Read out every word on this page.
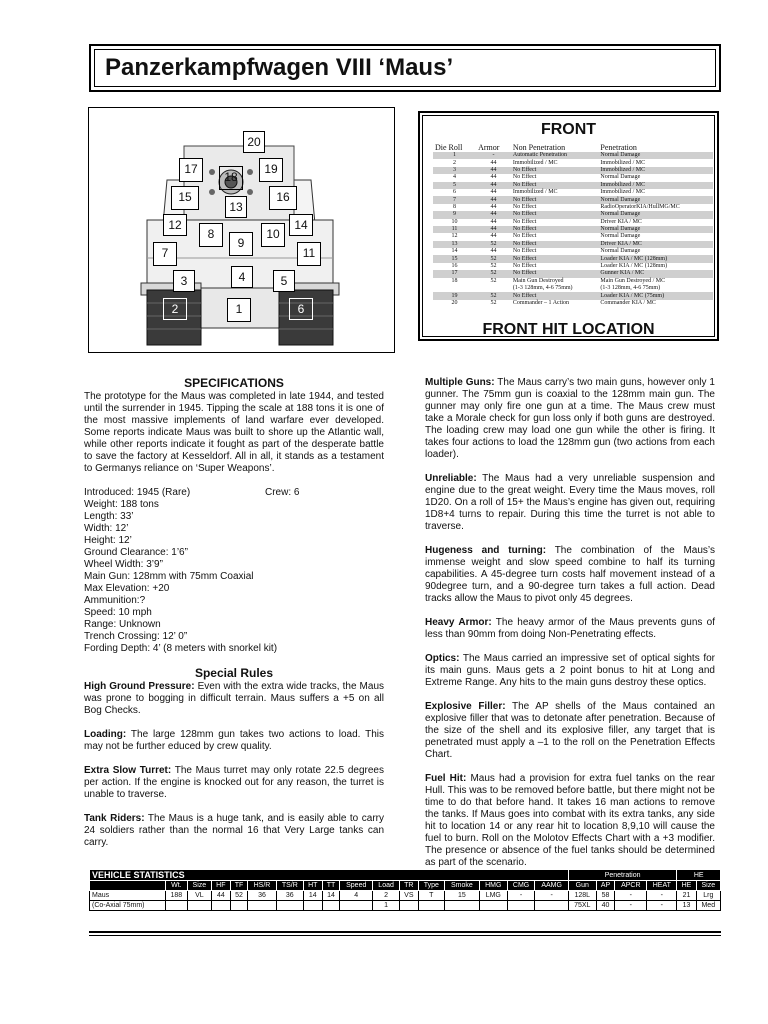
Panzerkampfwagen VIII ‘Maus’
20
17
18
19
15
13
16
12	14
8
9
10
7	11
3	4	5
2	1	6
FRONT
Die Roll	Armor	Non Penetration	Penetration
1	-	Automatic Penetration	Normal Damage
2	44	Immobilized / MC	Immobilized / MC
3	44	No Effect	Immobilized / MC
4	44	No Effect	Normal Damage
5	44	No Effect	Immobilized / MC
6	44	Immobilized / MC	Immobilized / MC
7	44	No Effect	Normal Damage
8	44	No Effect	RadioOperatorKIA/HullMG/MC
9	44	No Effect	Normal Damage
10	44	No Effect	Driver KIA / MC
11	44	No Effect	Normal Damage
12	44	No Effect	Normal Damage
13	52	No Effect	Driver KIA / MC
14	44	No Effect	Normal Damage
15	52	No Effect	Loader KIA / MC (128mm)
16	52	No Effect	Loader KIA / MC (128mm)
17	52	No Effect	Gunner KIA / MC
18	52	Main Gun Destroyed	Main Gun Destroyed / MC
		(1-3 128mm, 4-6 75mm)	(1-3 128mm, 4-6 75mm)
19	52	No Effect	Loader KIA / MC (75mm)
20	52	Commander – 1 Action	Commander KIA / MC
FRONT HIT LOCATION
SPECIFICATIONS
The prototype for the Maus was completed in late 1944, and tested until the surrender in 1945. Tipping the scale at 188 tons it is one of the most massive implements of land warfare ever developed. Some reports indicate Maus was built to shore up the Atlantic wall, while other reports indicate it fought as part of the desperate battle to save the factory at Kesseldorf. All in all, it stands as a testament to Germanys reliance on ‘Super Weapons’.
Introduced: 1945 (Rare)	Crew: 6
Weight: 188 tons
Length: 33’
Width: 12’
Height: 12’
Ground Clearance: 1’6”
Wheel Width: 3’9”
Main Gun: 128mm with 75mm Coaxial
Max Elevation: +20
Ammunition:?
Speed: 10 mph
Range: Unknown
Trench Crossing: 12’ 0”
Fording Depth: 4’ (8 meters with snorkel kit)
Special Rules
High Ground Pressure: Even with the extra wide tracks, the Maus was prone to bogging in difficult terrain. Maus suffers a +5 on all Bog Checks.
Loading: The large 128mm gun takes two actions to load. This may not be further educed by crew quality.
Extra Slow Turret: The Maus turret may only rotate 22.5 degrees per action. If the engine is knocked out for any reason, the turret is unable to traverse.
Tank Riders: The Maus is a huge tank, and is easily able to carry 24 soldiers rather than the normal 16 that Very Large tanks can carry.
Multiple Guns: The Maus carry’s two main guns, however only 1 gunner. The 75mm gun is coaxial to the 128mm main gun. The gunner may only fire one gun at a time. The Maus crew must take a Morale check for gun loss only if both guns are destroyed. The loading crew may load one gun while the other is firing. It takes four actions to load the 128mm gun (two actions from each loader).
Unreliable: The Maus had a very unreliable suspension and engine due to the great weight. Every time the Maus moves, roll 1D20. On a roll of 15+ the Maus’s engine has given out, requiring 1D8+4 turns to repair. During this time the turret is not able to traverse.
Hugeness and turning: The combination of the Maus’s immense weight and slow speed combine to half its turning capabilities. A 45-degree turn costs half movement instead of a 90degree turn, and a 90-degree turn takes a full action. Dead tracks allow the Maus to pivot only 45 degrees.
Heavy Armor: The heavy armor of the Maus prevents guns of less than 90mm from doing Non-Penetrating effects.
Optics: The Maus carried an impressive set of optical sights for its main guns. Maus gets a 2 point bonus to hit at Long and Extreme Range. Any hits to the main guns destroy these optics.
Explosive Filler: The AP shells of the Maus contained an explosive filler that was to detonate after penetration. Because of the size of the shell and its explosive filler, any target that is penetrated must apply a –1 to the roll on the Penetration Effects Chart.
Fuel Hit: Maus had a provision for extra fuel tanks on the rear Hull. This was to be removed before battle, but there might not be time to do that before hand. It takes 16 man actions to remove the tanks. If Maus goes into combat with its extra tanks, any side hit to location 14 or any rear hit to location 8,9,10 will cause the fuel to burn. Roll on the Molotov Effects Chart with a +3 modifier. The presence or absence of the fuel tanks should be determined as part of the scenario.
VEHICLE STATISTICS																	Penetration				HE	
	Wt.	Size	HF	TF	HS/R	TS/R	HT	TT	Speed	Load	TR	Type	Smoke	HMG	CMG	AAMG	Gun	AP	APCR	HEAT	HE	Size
Maus	188	VL	44	52	36	36	14	14	4	2	VS	T	15	LMG	-	-	128L	58	-	-	21	Lrg
(Co-Axial 75mm)										1							75XL	40	-	-	13	Med
